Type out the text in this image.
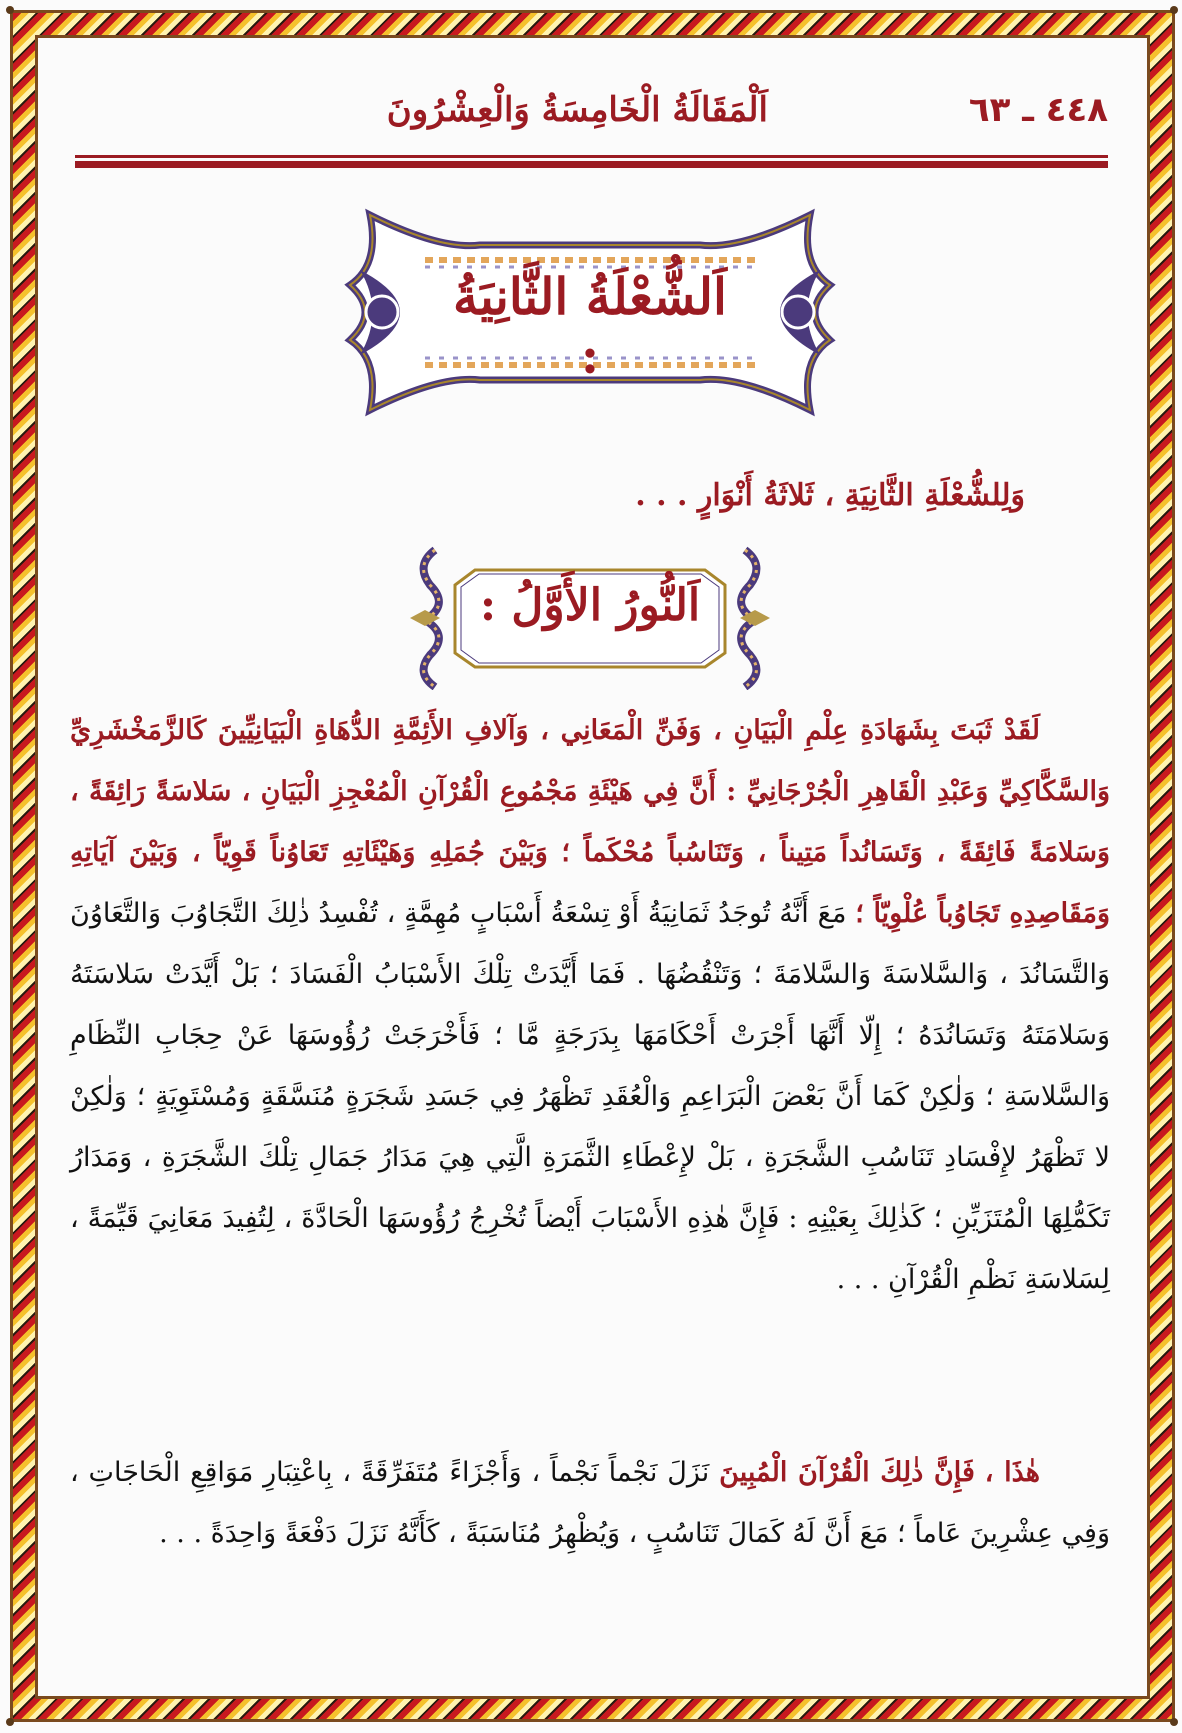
٤٤٨ ـ ٦٣
اَلْمَقَالَةُ الْخَامِسَةُ وَالْعِشْرُونَ
اَلشُّعْلَةُ الثَّانِيَةُ :
وَلِلشُّعْلَةِ الثَّانِيَةِ ، ثَلاثَةُ أَنْوَارٍ . . .
اَلنُّورُ الأَوَّلُ :
لَقَدْ ثَبَتَ بِشَهَادَةِ عِلْمِ الْبَيَانِ ، وَفَنِّ الْمَعَانِي ، وَآلافِ الأَئِمَّةِ الدُّهَاةِ الْبَيَانِيِّينَ كَالزَّمَخْشَرِيِّ وَالسَّكَّاكِيِّ وَعَبْدِ الْقَاهِرِ الْجُرْجَانِيِّ : أَنَّ فِي هَيْئَةِ مَجْمُوعِ الْقُرْآنِ الْمُعْجِزِ الْبَيَانِ ، سَلاسَةً رَائِقَةً ، وَسَلامَةً فَائِقَةً ، وَتَسَانُداً مَتِيناً ، وَتَنَاسُباً مُحْكَماً ؛ وَبَيْنَ جُمَلِهِ وَهَيْئَاتِهِ تَعَاوُناً قَوِيّاً ، وَبَيْنَ آيَاتِهِ وَمَقَاصِدِهِ تَجَاوُباً عُلْوِيّاً ؛ مَعَ أَنَّهُ تُوجَدُ ثَمَانِيَةُ أَوْ تِسْعَةُ أَسْبَابٍ مُهِمَّةٍ ، تُفْسِدُ ذٰلِكَ التَّجَاوُبَ وَالتَّعَاوُنَ وَالتَّسَانُدَ ، وَالسَّلاسَةَ وَالسَّلامَةَ ؛ وَتَنْقُضُهَا . فَمَا أَيَّدَتْ تِلْكَ الأَسْبَابُ الْفَسَادَ ؛ بَلْ أَيَّدَتْ سَلاسَتَهُ وَسَلامَتَهُ وَتَسَانُدَهُ ؛ إِلّا أَنَّهَا أَجْرَتْ أَحْكَامَهَا بِدَرَجَةٍ مَّا ؛ فَأَخْرَجَتْ رُؤُوسَهَا عَنْ حِجَابِ النِّظَامِ وَالسَّلاسَةِ ؛ وَلٰكِنْ كَمَا أَنَّ بَعْضَ الْبَرَاعِمِ وَالْعُقَدِ تَظْهَرُ فِي جَسَدِ شَجَرَةٍ مُنَسَّقَةٍ وَمُسْتَوِيَةٍ ؛ وَلٰكِنْ لا تَظْهَرُ لإِفْسَادِ تَنَاسُبِ الشَّجَرَةِ ، بَلْ لإِعْطَاءِ الثَّمَرَةِ الَّتِي هِيَ مَدَارُ جَمَالِ تِلْكَ الشَّجَرَةِ ، وَمَدَارُ تَكَمُّلِهَا الْمُتَزَيِّنِ ؛ كَذٰلِكَ بِعَيْنِهِ : فَإِنَّ هٰذِهِ الأَسْبَابَ أَيْضاً تُخْرِجُ رُؤُوسَهَا الْحَادَّةَ ، لِتُفِيدَ مَعَانِيَ قَيِّمَةً ، لِسَلاسَةِ نَظْمِ الْقُرْآنِ . . .
هٰذَا ، فَإِنَّ ذٰلِكَ الْقُرْآنَ الْمُبِينَ نَزَلَ نَجْماً نَجْماً ، وَأَجْزَاءً مُتَفَرِّقَةً ، بِاعْتِبَارِ مَوَاقِعِ الْحَاجَاتِ ، وَفِي عِشْرِينَ عَاماً ؛ مَعَ أَنَّ لَهُ كَمَالَ تَنَاسُبٍ ، وَيُظْهِرُ مُنَاسَبَةً ، كَأَنَّهُ نَزَلَ دَفْعَةً وَاحِدَةً . . .
